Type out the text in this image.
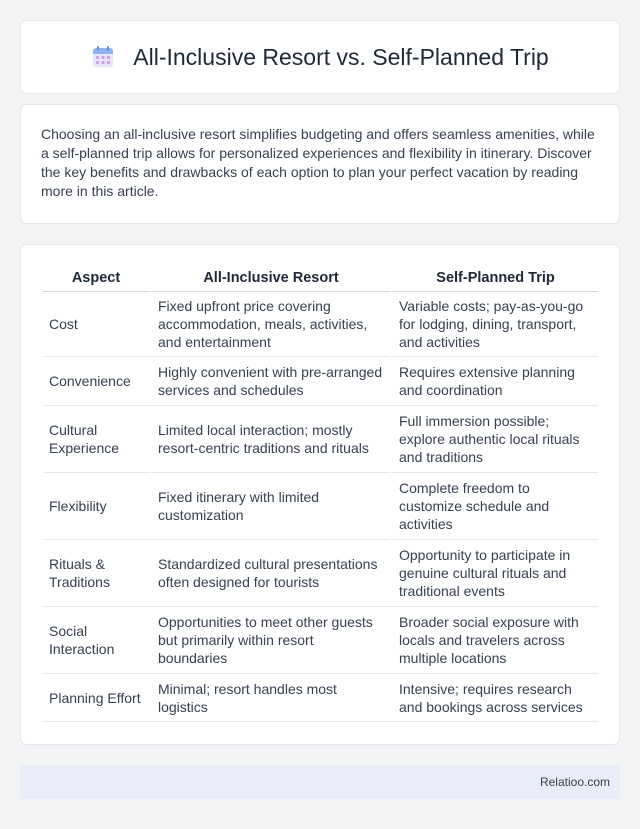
All-Inclusive Resort vs. Self-Planned Trip

Choosing an all-inclusive resort simplifies budgeting and offers seamless amenities, while a self-planned trip allows for personalized experiences and flexibility in itinerary. Discover the key benefits and drawbacks of each option to plan your perfect vacation by reading more in this article.

Aspect	All-Inclusive Resort	Self-Planned Trip
Cost	Fixed upfront price covering accommodation, meals, activities, and entertainment	Variable costs; pay-as-you-go for lodging, dining, transport, and activities
Convenience	Highly convenient with pre-arranged services and schedules	Requires extensive planning and coordination
Cultural Experience	Limited local interaction; mostly resort-centric traditions and rituals	Full immersion possible; explore authentic local rituals and traditions
Flexibility	Fixed itinerary with limited customization	Complete freedom to customize schedule and activities
Rituals & Traditions	Standardized cultural presentations often designed for tourists	Opportunity to participate in genuine cultural rituals and traditional events
Social Interaction	Opportunities to meet other guests but primarily within resort boundaries	Broader social exposure with locals and travelers across multiple locations
Planning Effort	Minimal; resort handles most logistics	Intensive; requires research and bookings across services
Relatioo.com
